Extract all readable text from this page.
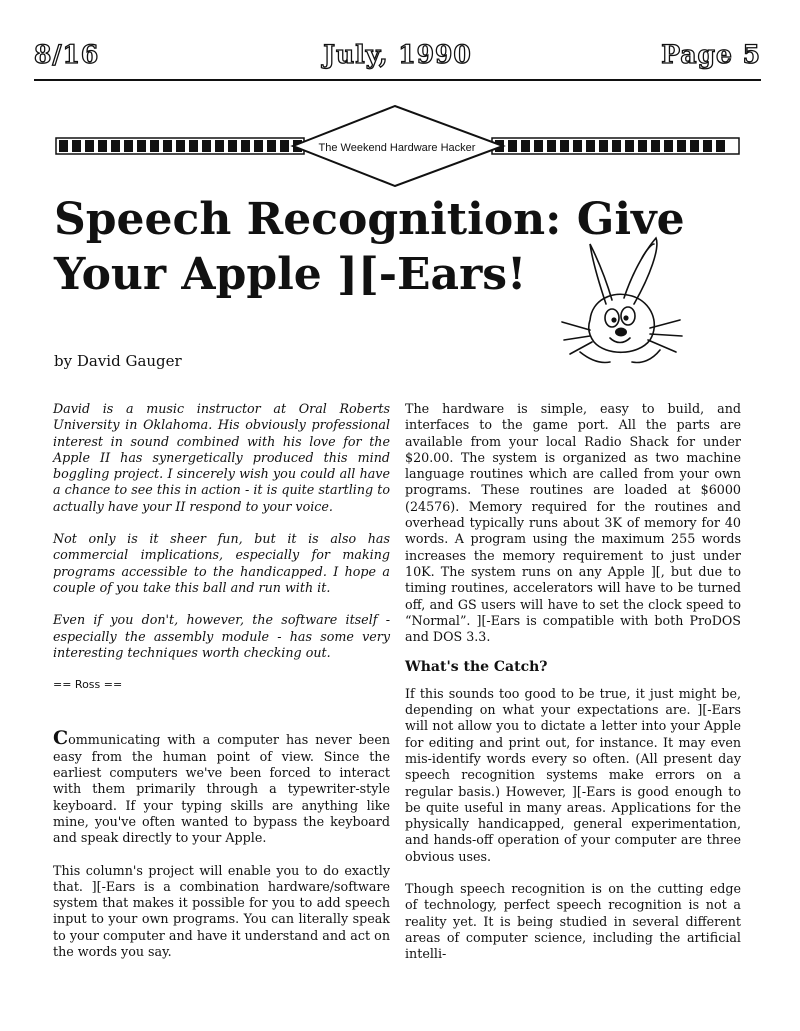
8/16	July, 1990	Page 5
The Weekend Hardware Hacker
Speech Recognition: Give
Your Apple ][-Ears!
by David Gauger

David is a music instructor at Oral Roberts University in Oklahoma. His obviously professional interest in sound combined with his love for the Apple II has synergetically produced this mind boggling project. I sincerely wish you could all have a chance to see this in action - it is quite startling to actually have your II respond to your voice.

Not only is it sheer fun, but it is also has commercial implications, especially for making programs accessible to the handicapped. I hope a couple of you take this ball and run with it.

Even if you don't, however, the software itself - especially the assembly module - has some very interesting techniques worth checking out.

== Ross ==

Communicating with a computer has never been easy from the human point of view. Since the earliest computers we've been forced to interact with them primarily through a typewriter-style keyboard. If your typing skills are anything like mine, you've often wanted to bypass the keyboard and speak directly to your Apple.

This column's project will enable you to do exactly that. ][-Ears is a combination hardware/software system that makes it possible for you to add speech input to your own programs. You can literally speak to your computer and have it understand and act on the words you say.

The hardware is simple, easy to build, and interfaces to the game port. All the parts are available from your local Radio Shack for under $20.00. The system is organized as two machine language routines which are called from your own programs. These routines are loaded at $6000 (24576). Memory required for the routines and overhead typically runs about 3K of memory for 40 words. A program using the maximum 255 words increases the memory requirement to just under 10K. The system runs on any Apple ][, but due to timing routines, accelerators will have to be turned off, and GS users will have to set the clock speed to “Normal”. ][-Ears is compatible with both ProDOS and DOS 3.3.

What's the Catch?

If this sounds too good to be true, it just might be, depending on what your expectations are. ][-Ears will not allow you to dictate a letter into your Apple for editing and print out, for instance. It may even mis-identify words every so often. (All present day speech recognition systems make errors on a regular basis.) However, ][-Ears is good enough to be quite useful in many areas. Applications for the physically handicapped, general experimentation, and hands-off operation of your computer are three obvious uses.

Though speech recognition is on the cutting edge of technology, perfect speech recognition is not a reality yet. It is being studied in several different areas of computer science, including the artificial intelli-
